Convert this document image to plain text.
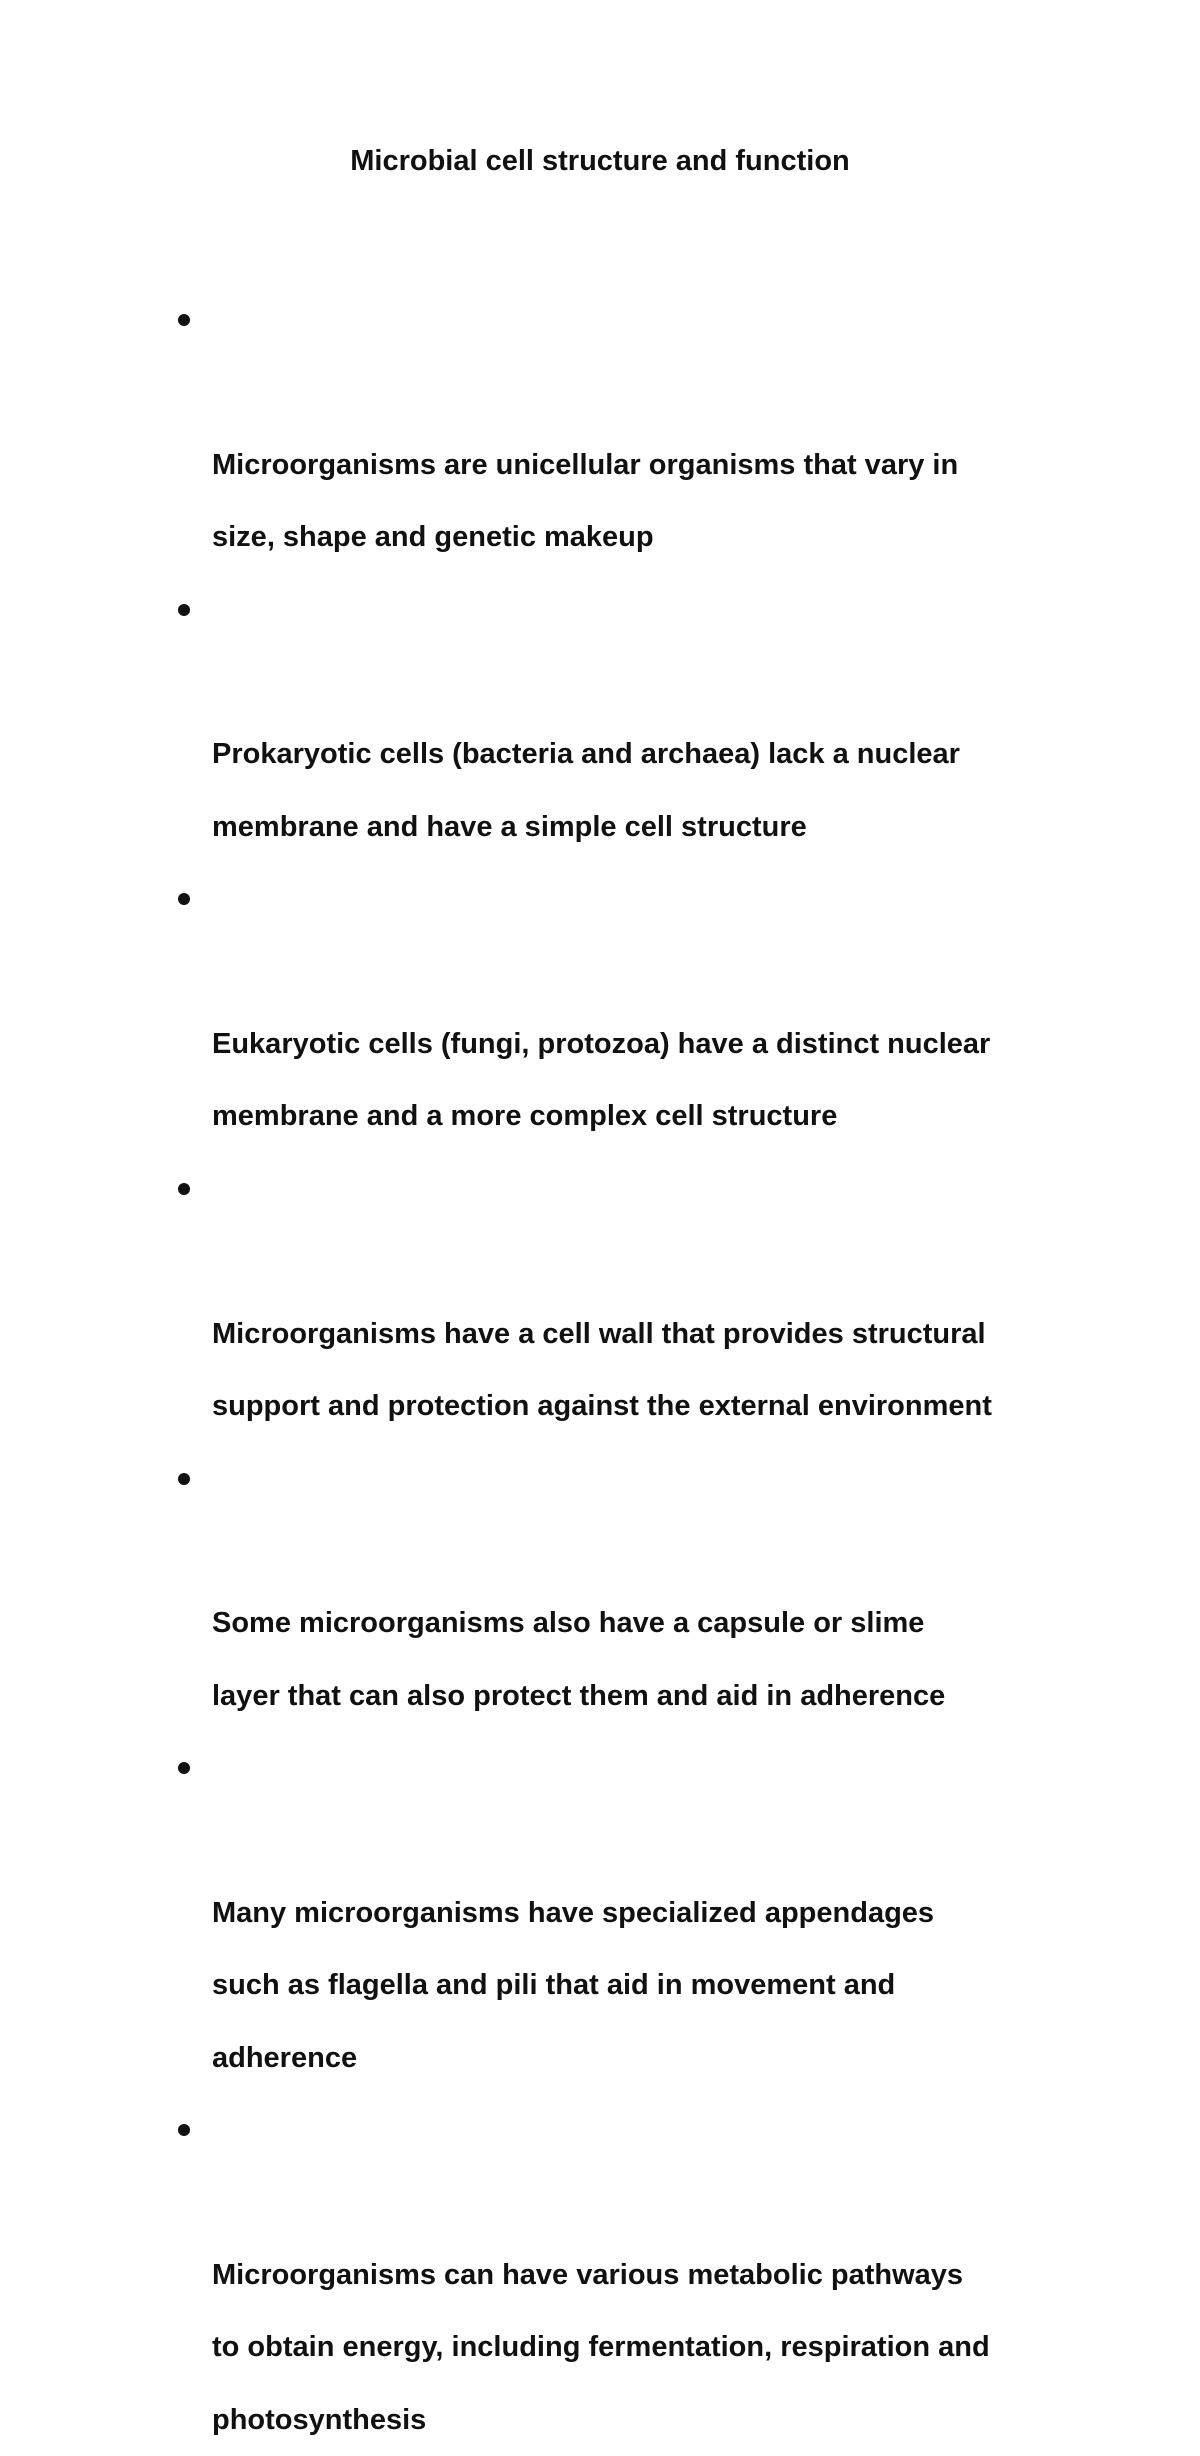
Microbial cell structure and function

Microorganisms are unicellular organisms that vary in
size, shape and genetic makeup

Prokaryotic cells (bacteria and archaea) lack a nuclear
membrane and have a simple cell structure

Eukaryotic cells (fungi, protozoa) have a distinct nuclear
membrane and a more complex cell structure

Microorganisms have a cell wall that provides structural
support and protection against the external environment

Some microorganisms also have a capsule or slime
layer that can also protect them and aid in adherence

Many microorganisms have specialized appendages
such as flagella and pili that aid in movement and
adherence

Microorganisms can have various metabolic pathways
to obtain energy, including fermentation, respiration and
photosynthesis
